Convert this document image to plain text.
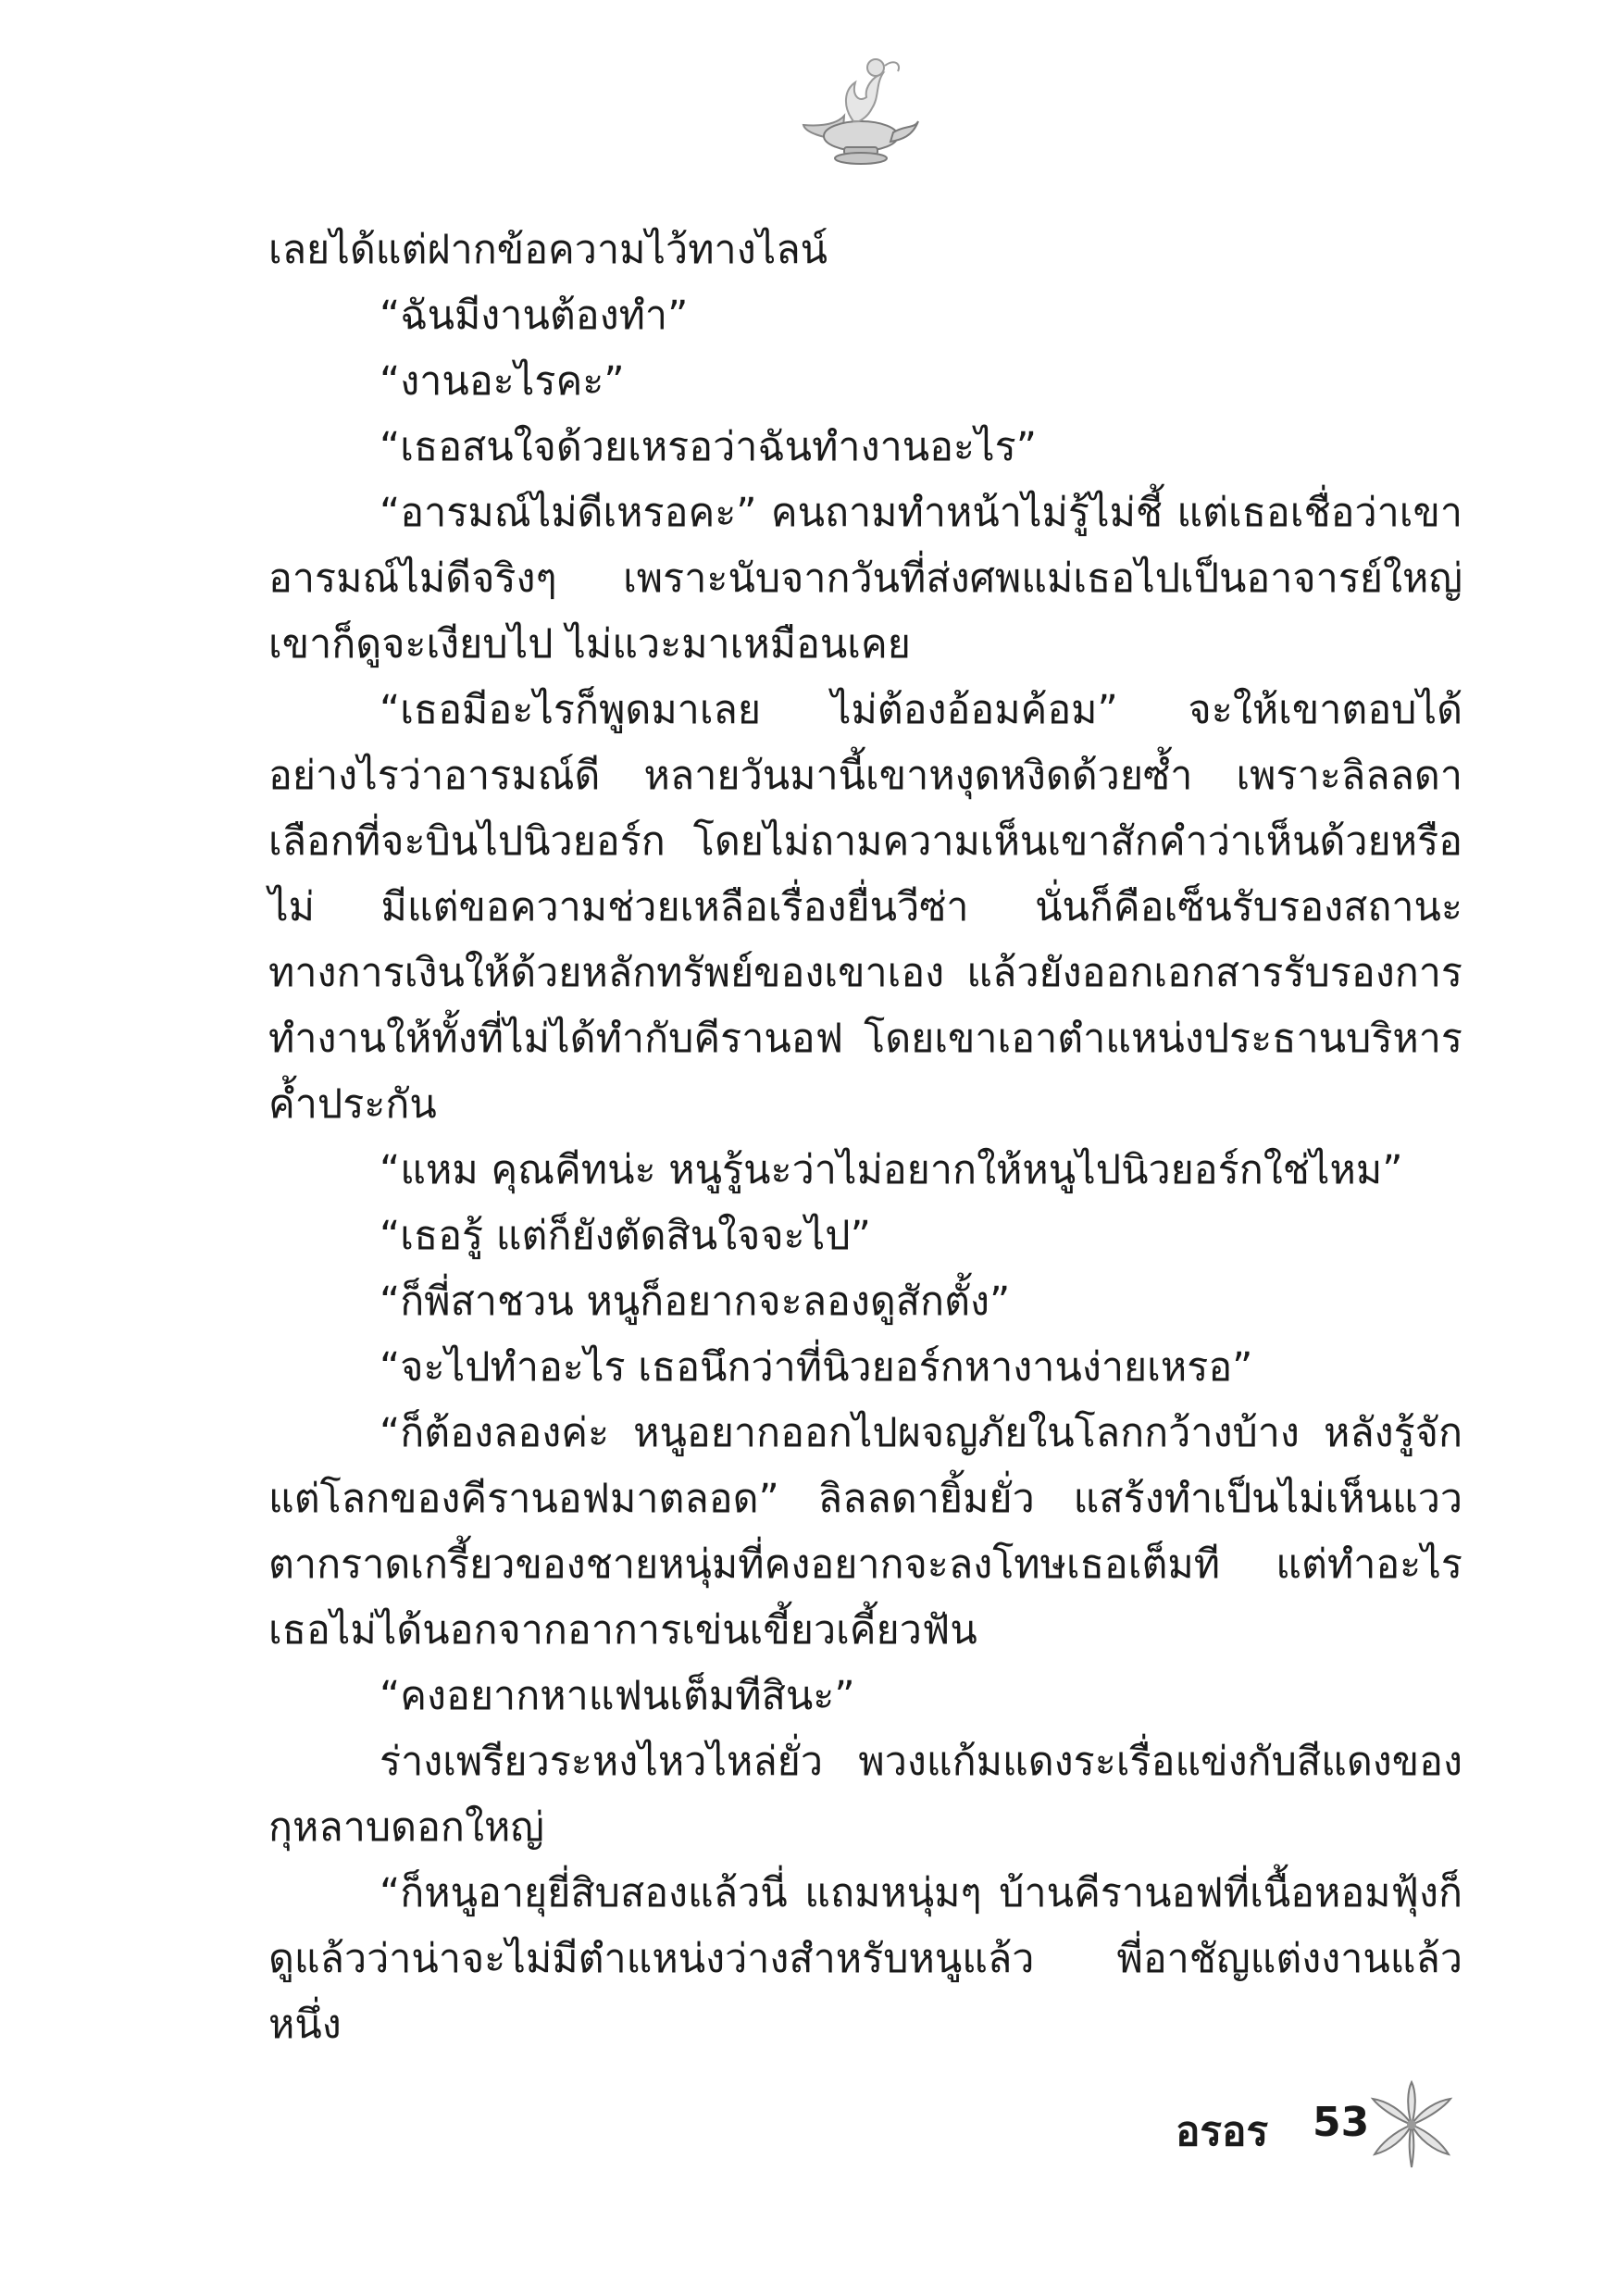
เลยได้แต่ฝากข้อความไว้ทางไลน์

“ฉันมีงานต้องทำ”

“งานอะไรคะ”

“เธอสนใจด้วยเหรอว่าฉันทำงานอะไร”

“อารมณ์ไม่ดีเหรอคะ” คนถามทำหน้าไม่รู้ไม่ชี้ แต่เธอเชื่อว่าเขาอารมณ์ไม่ดีจริงๆ เพราะนับจากวันที่ส่งศพแม่เธอไปเป็นอาจารย์ใหญ่ เขาก็ดูจะเงียบไป ไม่แวะมาเหมือนเคย

“เธอมีอะไรก็พูดมาเลย ไม่ต้องอ้อมค้อม” จะให้เขาตอบได้อย่างไรว่าอารมณ์ดี หลายวันมานี้เขาหงุดหงิดด้วยซ้ำ เพราะลิลลดาเลือกที่จะบินไปนิวยอร์ก โดยไม่ถามความเห็นเขาสักคำว่าเห็นด้วยหรือไม่ มีแต่ขอความช่วยเหลือเรื่องยื่นวีซ่า นั่นก็คือเซ็นรับรองสถานะทางการเงินให้ด้วยหลักทรัพย์ของเขาเอง แล้วยังออกเอกสารรับรองการทำงานให้ทั้งที่ไม่ได้ทำกับคีรานอฟ โดยเขาเอาตำแหน่งประธานบริหารค้ำประกัน

“แหม คุณคีทน่ะ หนูรู้นะว่าไม่อยากให้หนูไปนิวยอร์กใช่ไหม”

“เธอรู้ แต่ก็ยังตัดสินใจจะไป”

“ก็พี่สาชวน หนูก็อยากจะลองดูสักตั้ง”

“จะไปทำอะไร เธอนึกว่าที่นิวยอร์กหางานง่ายเหรอ”

“ก็ต้องลองค่ะ หนูอยากออกไปผจญภัยในโลกกว้างบ้าง หลังรู้จักแต่โลกของคีรานอฟมาตลอด” ลิลลดายิ้มยั่ว แสร้งทำเป็นไม่เห็นแววตากราดเกรี้ยวของชายหนุ่มที่คงอยากจะลงโทษเธอเต็มที แต่ทำอะไรเธอไม่ได้นอกจากอาการเข่นเขี้ยวเคี้ยวฟัน

“คงอยากหาแฟนเต็มทีสินะ”

ร่างเพรียวระหงไหวไหล่ยั่ว พวงแก้มแดงระเรื่อแข่งกับสีแดงของกุหลาบดอกใหญ่

“ก็หนูอายุยี่สิบสองแล้วนี่ แถมหนุ่มๆ บ้านคีรานอฟที่เนื้อหอมฟุ้งก็ดูแล้วว่าน่าจะไม่มีตำแหน่งว่างสำหรับหนูแล้ว พี่อาชัญแต่งงานแล้วหนึ่ง

อรอร 53
